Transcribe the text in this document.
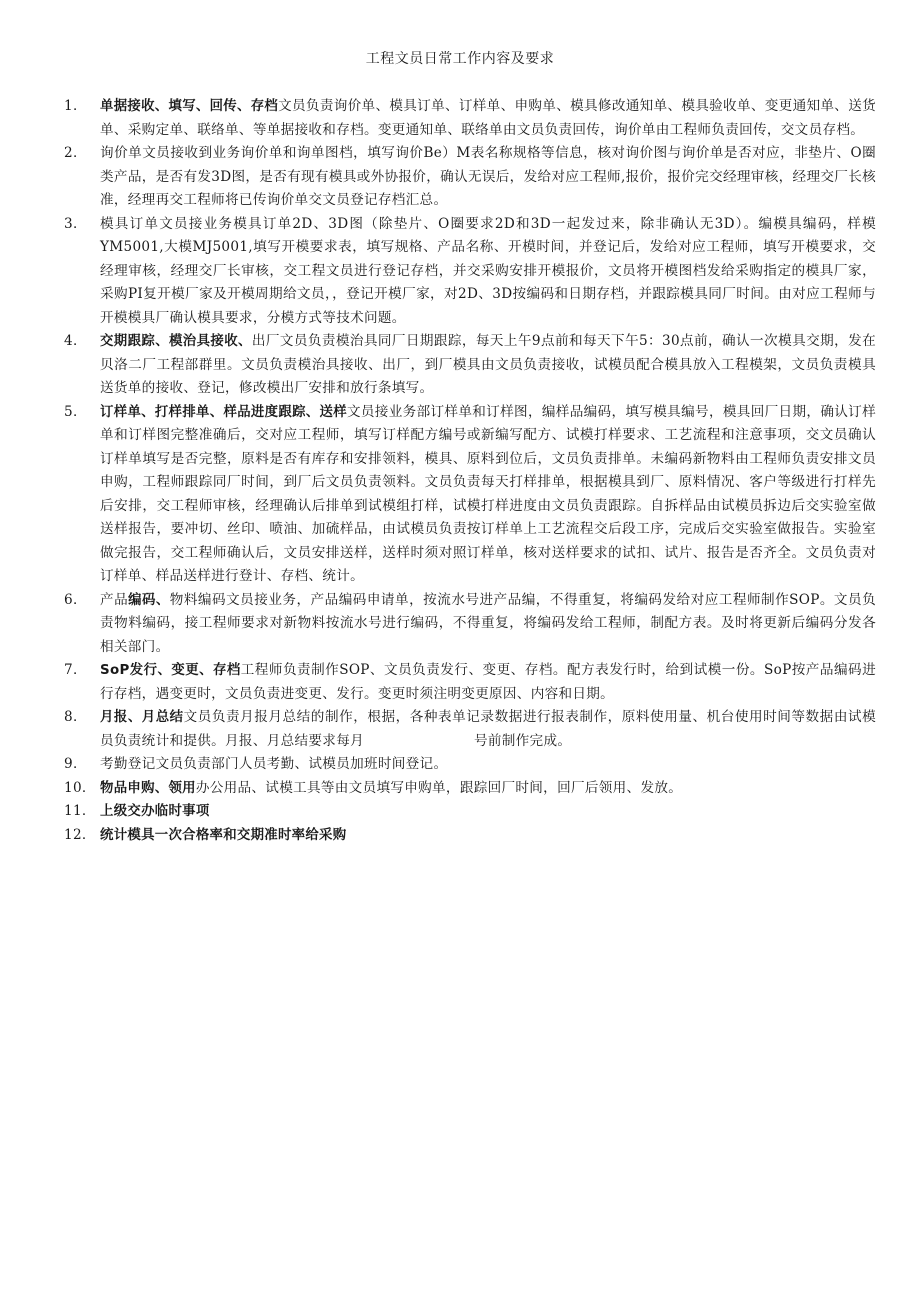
工程文员日常工作内容及要求
1． 单据接收、填写、回传、存档文员负责询价单、模具订单、订样单、申购单、模具修改通知单、模具验收单、变更通知单、送货单、采购定单、联络单、等单据接收和存档。变更通知单、联络单由文员负责回传，询价单由工程师负责回传，交文员存档。
2． 询价单文员接收到业务询价单和询单图档，填写询价Be）M表名称规格等信息，核对询价图与询价单是否对应，非垫片、O圈类产品，是否有发3D图，是否有现有模具或外协报价，确认无误后，发给对应工程师,报价，报价完交经理审核，经理交厂长核准，经理再交工程师将已传询价单交文员登记存档汇总。
3． 模具订单文员接业务模具订单2D、3D图（除垫片、O圈要求2D和3D一起发过来，除非确认无3D）。编模具编码，样模YM5001,大模MJ5001,填写开模要求表，填写规格、产品名称、开模时间，并登记后，发给对应工程师，填写开模要求，交经理审核，经理交厂长审核，交工程文员进行登记存档，并交采购安排开模报价，文员将开模图档发给采购指定的模具厂家，采购PI复开模厂家及开模周期给文员，，登记开模厂家，对2D、3D按编码和日期存档，并跟踪模具同厂时间。由对应工程师与开模模具厂确认模具要求，分模方式等技术问题。
4． 交期跟踪、模治具接收、出厂文员负责模治具同厂日期跟踪，每天上午9点前和每天下午5：30点前，确认一次模具交期，发在贝洛二厂工程部群里。文员负责模治具接收、出厂，到厂模具由文员负责接收，试模员配合模具放入工程模架，文员负责模具送货单的接收、登记，修改模出厂安排和放行条填写。
5． 订样单、打样排单、样品进度跟踪、送样文员接业务部订样单和订样图，编样品编码，填写模具编号，模具回厂日期，确认订样单和订样图完整准确后，交对应工程师，填写订样配方编号或新编写配方、试模打样要求、工艺流程和注意事项，交文员确认订样单填写是否完整，原料是否有库存和安排领料，模具、原料到位后，文员负责排单。未编码新物料由工程师负责安排文员申购，工程师跟踪同厂时间，到厂后文员负责领料。文员负责每天打样排单，根据模具到厂、原料情况、客户等级进行打样先后安排，交工程师审核，经理确认后排单到试模组打样，试模打样进度由文员负责跟踪。自拆样品由试模员拆边后交实验室做送样报告，要冲切、丝印、喷油、加硫样品，由试模员负责按订样单上工艺流程交后段工序，完成后交实验室做报告。实验室做完报告，交工程师确认后，文员安排送样，送样时须对照订样单，核对送样要求的试扣、试片、报告是否齐全。文员负责对订样单、样品送样进行登计、存档、统计。
6． 产品编码、物料编码文员接业务，产品编码申请单，按流水号进产品编，不得重复，将编码发给对应工程师制作SOP。文员负责物料编码，接工程师要求对新物料按流水号进行编码，不得重复，将编码发给工程师，制配方表。及时将更新后编码分发各相关部门。
7． SoP发行、变更、存档工程师负责制作SOP、文员负责发行、变更、存档。配方表发行时，给到试模一份。SoP按产品编码进行存档，遇变更时，文员负责进变更、发行。变更时须注明变更原因、内容和日期。
8． 月报、月总结文员负责月报月总结的制作，根据，各种表单记录数据进行报表制作，原料使用量、机台使用时间等数据由试模员负责统计和提供。月报、月总结要求每月	号前制作完成。
9． 考勤登记文员负责部门人员考勤、试模员加班时间登记。
10． 物品申购、领用办公用品、试模工具等由文员填写申购单，跟踪回厂时间，回厂后领用、发放。
11． 上级交办临时事项
12． 统计模具一次合格率和交期准时率给采购
